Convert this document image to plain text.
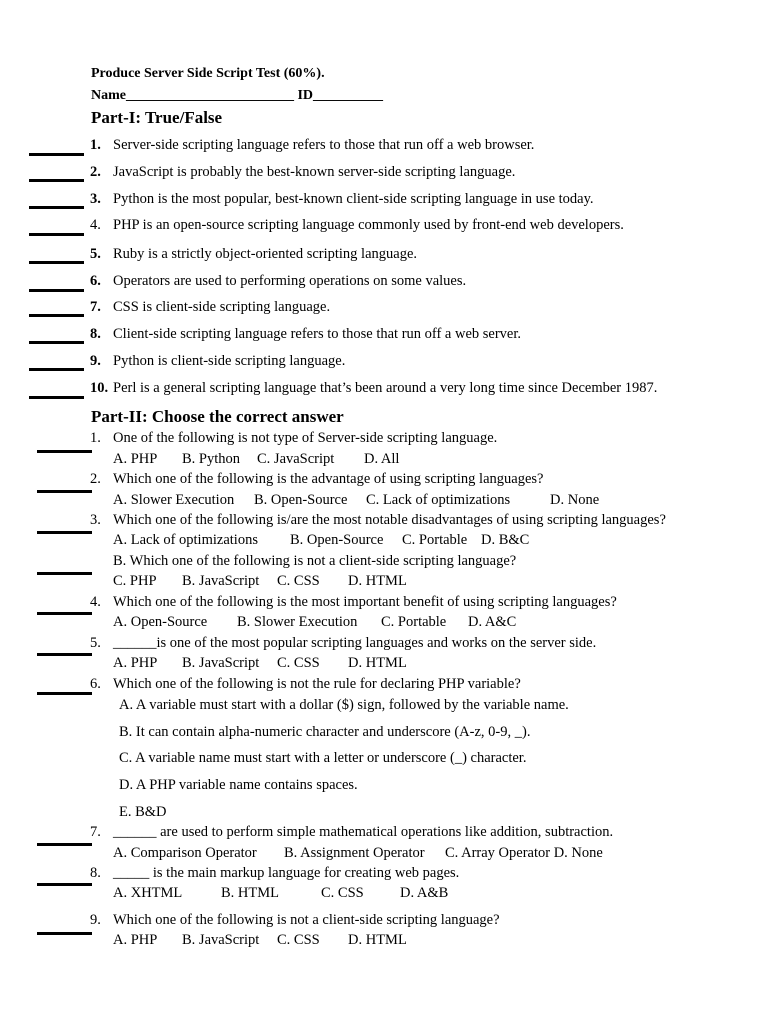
Produce Server Side Script Test (60%).
Name________________________ ID__________
Part-I: True/False
1. Server-side scripting language refers to those that run off a web browser.
2. JavaScript is probably the best-known server-side scripting language.
3. Python is the most popular, best-known client-side scripting language in use today.
4. PHP is an open-source scripting language commonly used by front-end web developers.
5. Ruby is a strictly object-oriented scripting language.
6. Operators are used to performing operations on some values.
7. CSS is client-side scripting language.
8. Client-side scripting language refers to those that run off a web server.
9. Python is client-side scripting language.
10. Perl is a general scripting language that’s been around a very long time since December 1987.
Part-II: Choose the correct answer
1. One of the following is not type of Server-side scripting language.
A. PHP B. Python C. JavaScript D. All
2. Which one of the following is the advantage of using scripting languages?
A. Slower Execution B. Open-Source C. Lack of optimizations	D. None
3. Which one of the following is/are the most notable disadvantages of using scripting languages?
A. Lack of optimizations B. Open-Source C. Portable D. B&C
B. Which one of the following is not a client-side scripting language?
C. PHP B. JavaScript C. CSS D. HTML
4. Which one of the following is the most important benefit of using scripting languages?
A. Open-Source B. Slower Execution C. Portable D. A&C
5. ______is one of the most popular scripting languages and works on the server side.
A. PHP B. JavaScript C. CSS D. HTML
6. Which one of the following is not the rule for declaring PHP variable?
A. A variable must start with a dollar ($) sign, followed by the variable name.
B. It can contain alpha-numeric character and underscore (A-z, 0-9, _).
C. A variable name must start with a letter or underscore (_) character.
D. A PHP variable name contains spaces.
E. B&D
7. ______ are used to perform simple mathematical operations like addition, subtraction.
A. Comparison Operator B. Assignment Operator C. Array Operator D. None
8. _____ is the main markup language for creating web pages.
A. XHTML	B. HTML	C. CSS	D. A&B
9. Which one of the following is not a client-side scripting language?
A. PHP B. JavaScript C. CSS D. HTML
